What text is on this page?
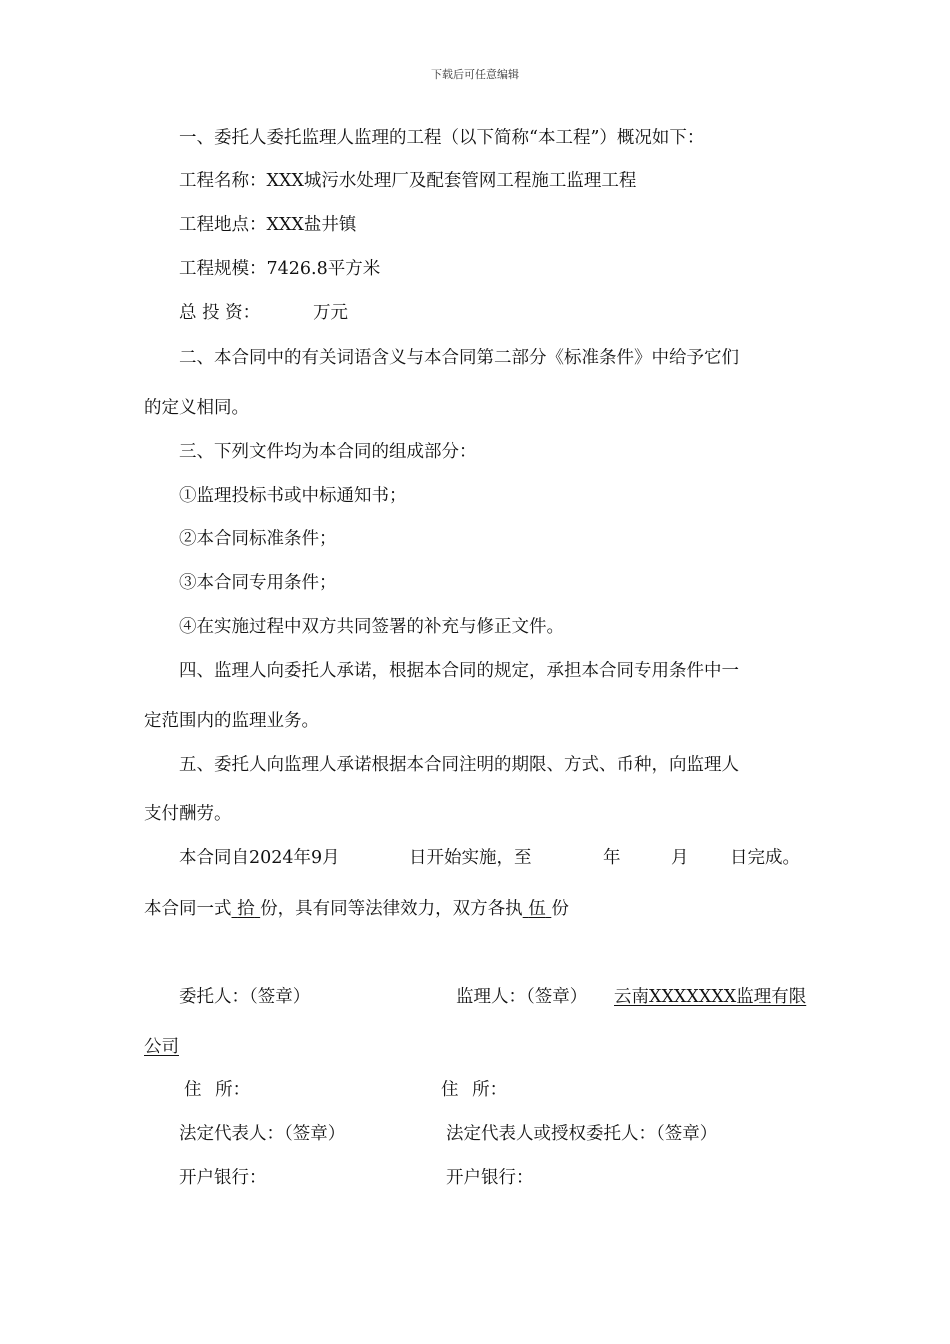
下载后可任意编辑
一、委托人委托监理人监理的工程（以下简称“本工程”）概况如下：
工程名称：XXX城污水处理厂及配套管网工程施工监理工程
工程地点：XXX盐井镇
工程规模：7426.8平方米
总 投 资：	万元
二、本合同中的有关词语含义与本合同第二部分《标准条件》中给予它们
的定义相同。
三、下列文件均为本合同的组成部分：
①监理投标书或中标通知书；
②本合同标准条件；
③本合同专用条件；
④在实施过程中双方共同签署的补充与修正文件。
四、监理人向委托人承诺，根据本合同的规定，承担本合同专用条件中一
定范围内的监理业务。
五、委托人向监理人承诺根据本合同注明的期限、方式、币种，向监理人
支付酬劳。
本合同自2024年9月	日开始实施，至	年	月 日完成。
本合同一式 拾 份，具有同等法律效力，双方各执 伍 份
委托人：（签章）	监理人：（签章） 云南XXXXXXX监理有限
公司
住 所：	住 所：
法定代表人：（签章）	法定代表人或授权委托人：（签章）
开户银行：	开户银行：
